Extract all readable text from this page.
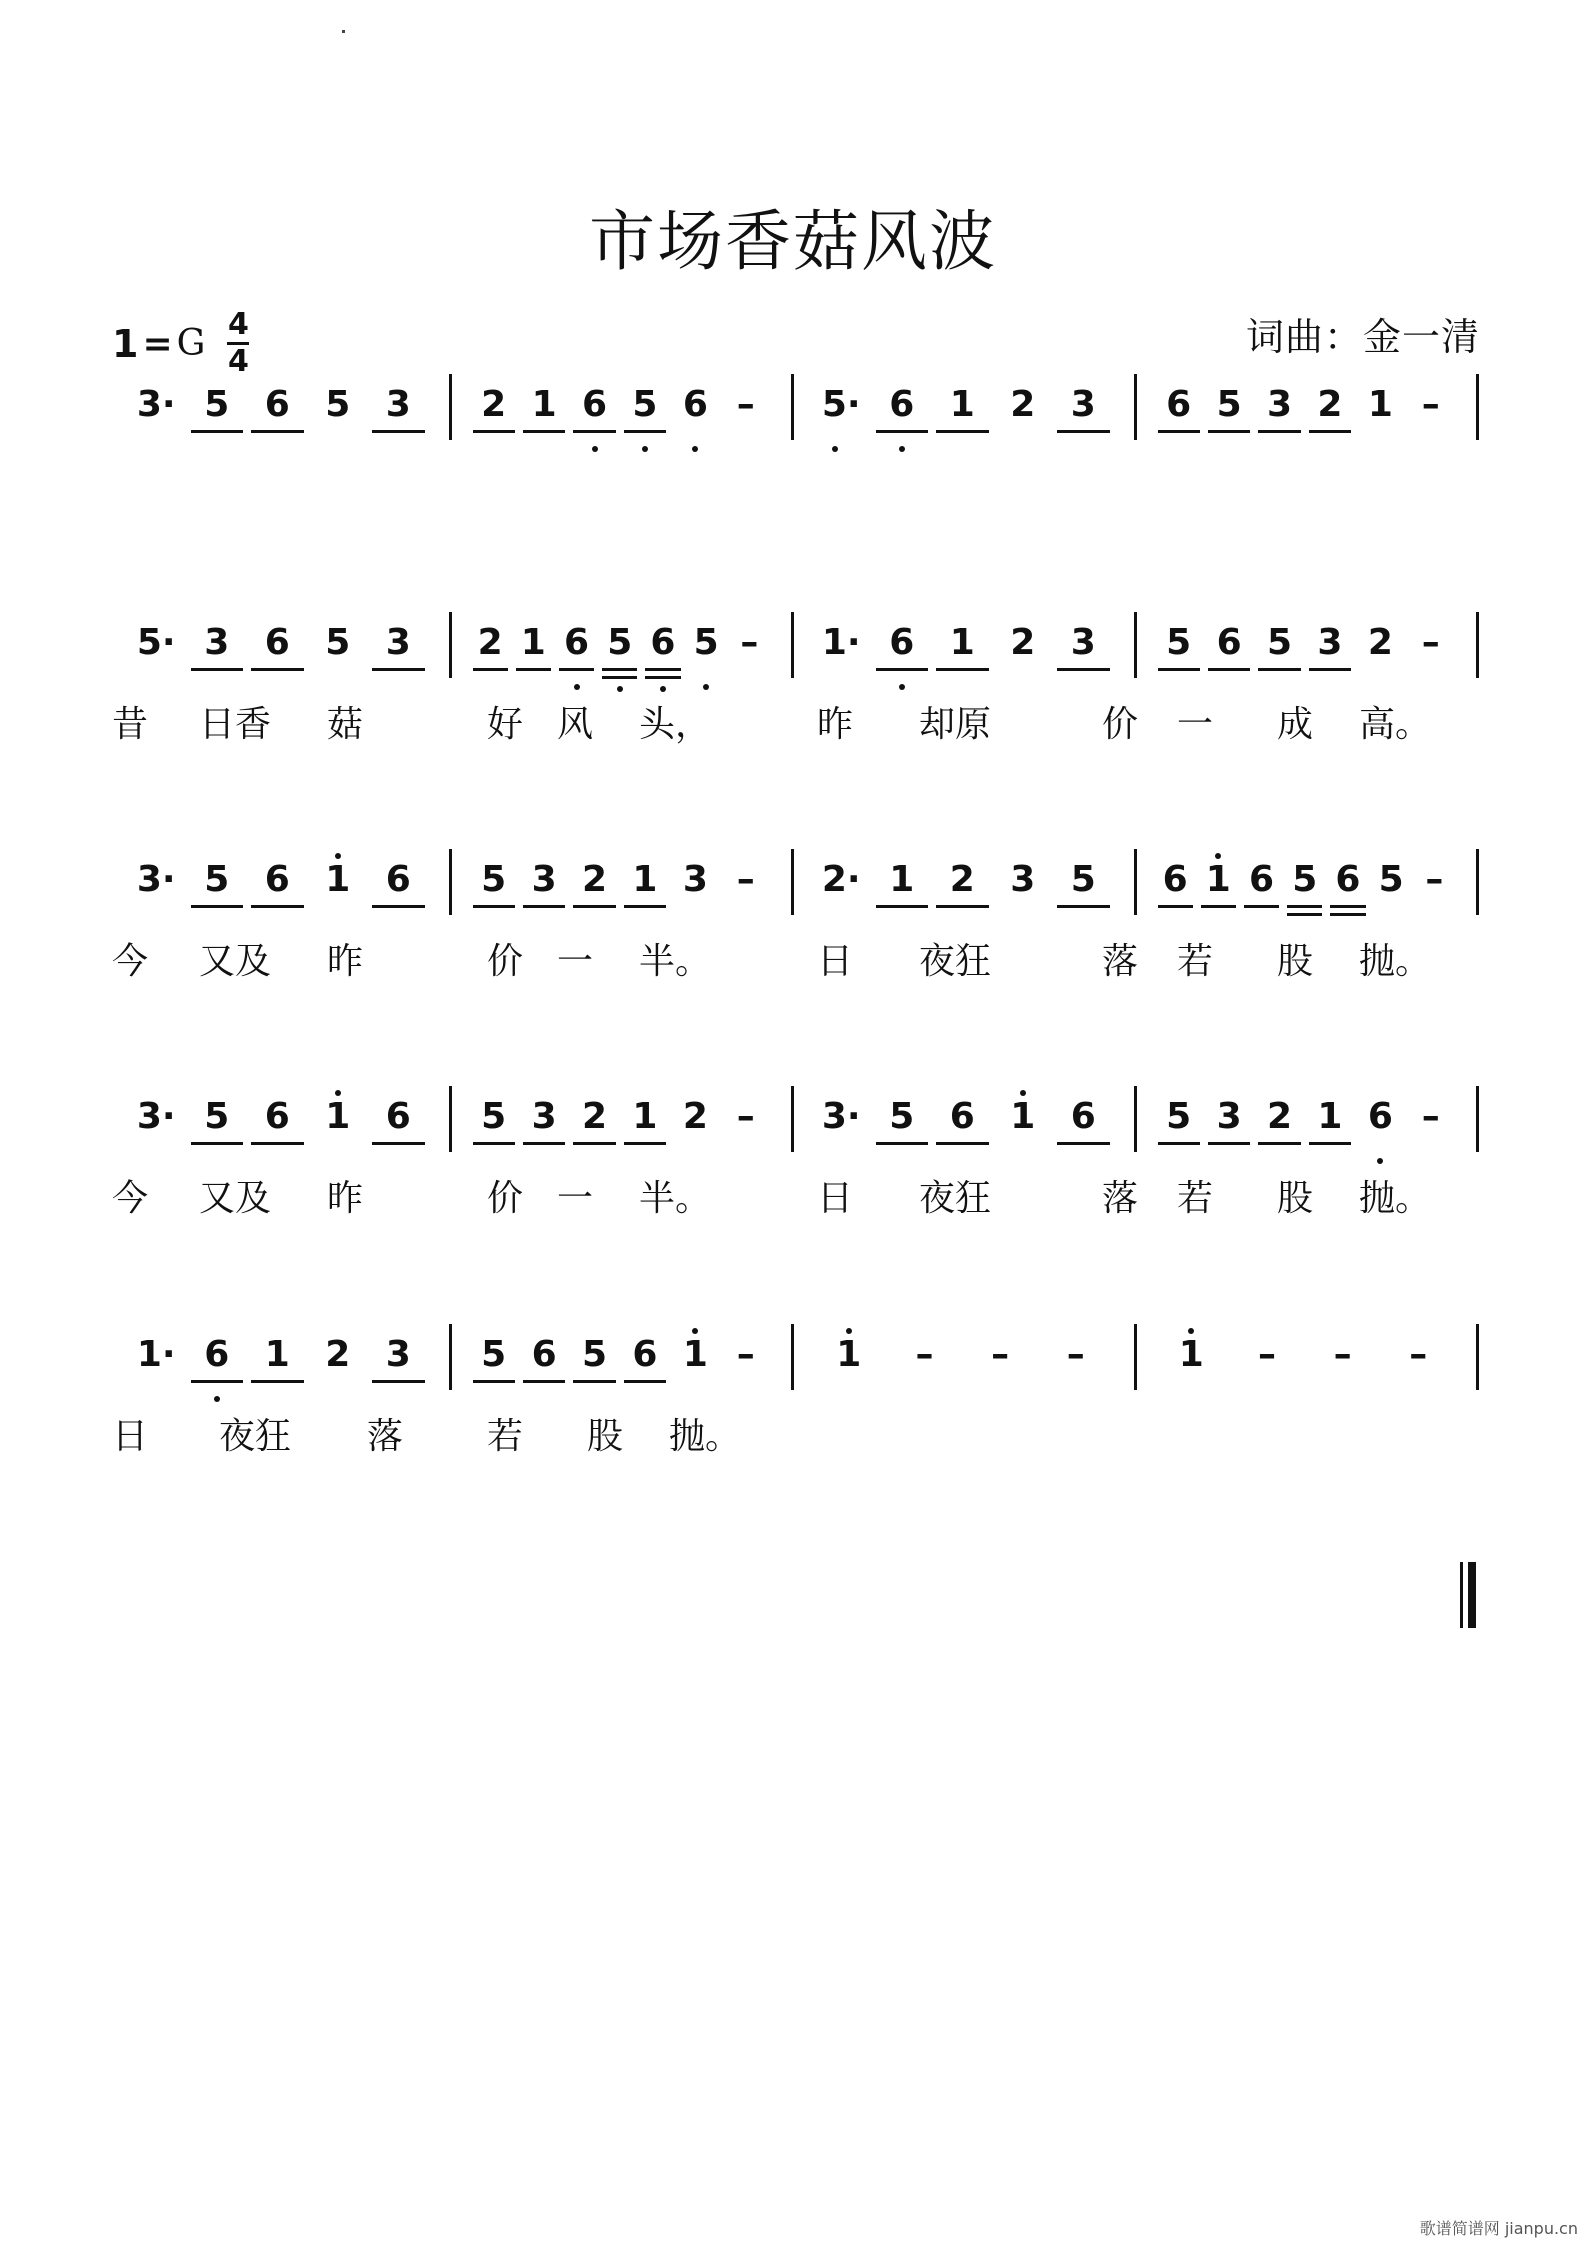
市场香菇风波
1 = G 4
4
词曲：金一清
3· 5 6 5 3 2 1 6 5 6 – 5· 6 1 2 3 6 5 3 2 1 –
5· 3 6 5 3 2 1 6 5 6 5 – 1· 6 1 2 3 5 6 5 3 2 –
昔 日香 菇	好 风 头，	昨 却原	价 一 成 高。
3· 5 6 1 6 5 3 2 1 3 – 2· 1 2 3 5 6 1 6 5 6 5 –
今 又及 昨	价 一 半。	日 夜狂	落 若 股 抛。
3· 5 6 1 6 5 3 2 1 2 – 3· 5 6 1 6 5 3 2 1 6 –
今 又及 昨	价 一 半。	日 夜狂	落 若 股 抛。
1· 6 1 2 3 5 6 5 6 1 – 1 – – –	1 – – –
日 夜狂 落 若 股 抛。
歌谱简谱网 jianpu.cn
